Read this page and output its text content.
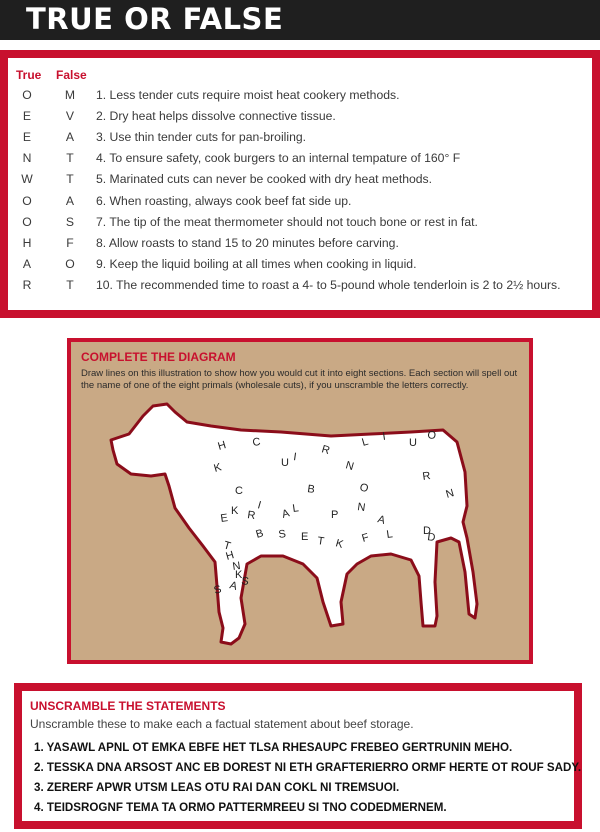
TRUE OR FALSE
True False
O	M	1. Less tender cuts require moist heat cookery methods.
E	V	2. Dry heat helps dissolve connective tissue.
E	A	3. Use thin tender cuts for pan-broiling.
N	T	4. To ensure safety, cook burgers to an internal tempature of 160° F
W	T	5. Marinated cuts can never be cooked with dry heat methods.
O	A	6. When roasting, always cook beef fat side up.
O	S	7. The tip of the meat thermometer should not touch bone or rest in fat.
H	F	8. Allow roasts to stand 15 to 20 minutes before carving.
A	O	9. Keep the liquid boiling at all times when cooking in liquid.
R	T	10. The recommended time to roast a 4- to 5-pound whole tenderloin is 2 to 2½ hours.
COMPLETE THE DIAGRAM
Draw lines on this illustration to show how you would cut it into eight sections. Each section will spell out the name of one of the eight primals (wholesale cuts), if you unscramble the letters correctly.
H C
U I
R
L I
U
O
N
K
R
C	B	O	N
E
K R
I
A L
P
N
A
B S E T K F L	D
D
T
H
N
K
S
A
S
UNSCRAMBLE THE STATEMENTS
Unscramble these to make each a factual statement about beef storage.
1. YASAWL APNL OT EMKA EBFE HET TLSA RHESAUPC FREBEO GERTRUNIN MEHO.
2. TESSKA DNA ARSOST ANC EB DOREST NI ETH GRAFTERIERRO ORMF HERTE OT ROUF SADY.
3. ZERERF APWR UTSM LEAS OTU RAI DAN COKL NI TREMSUOI.
4. TEIDSROGNF TEMA TA ORMO PATTERMREEU SI TNO CODEDMERNEM.
